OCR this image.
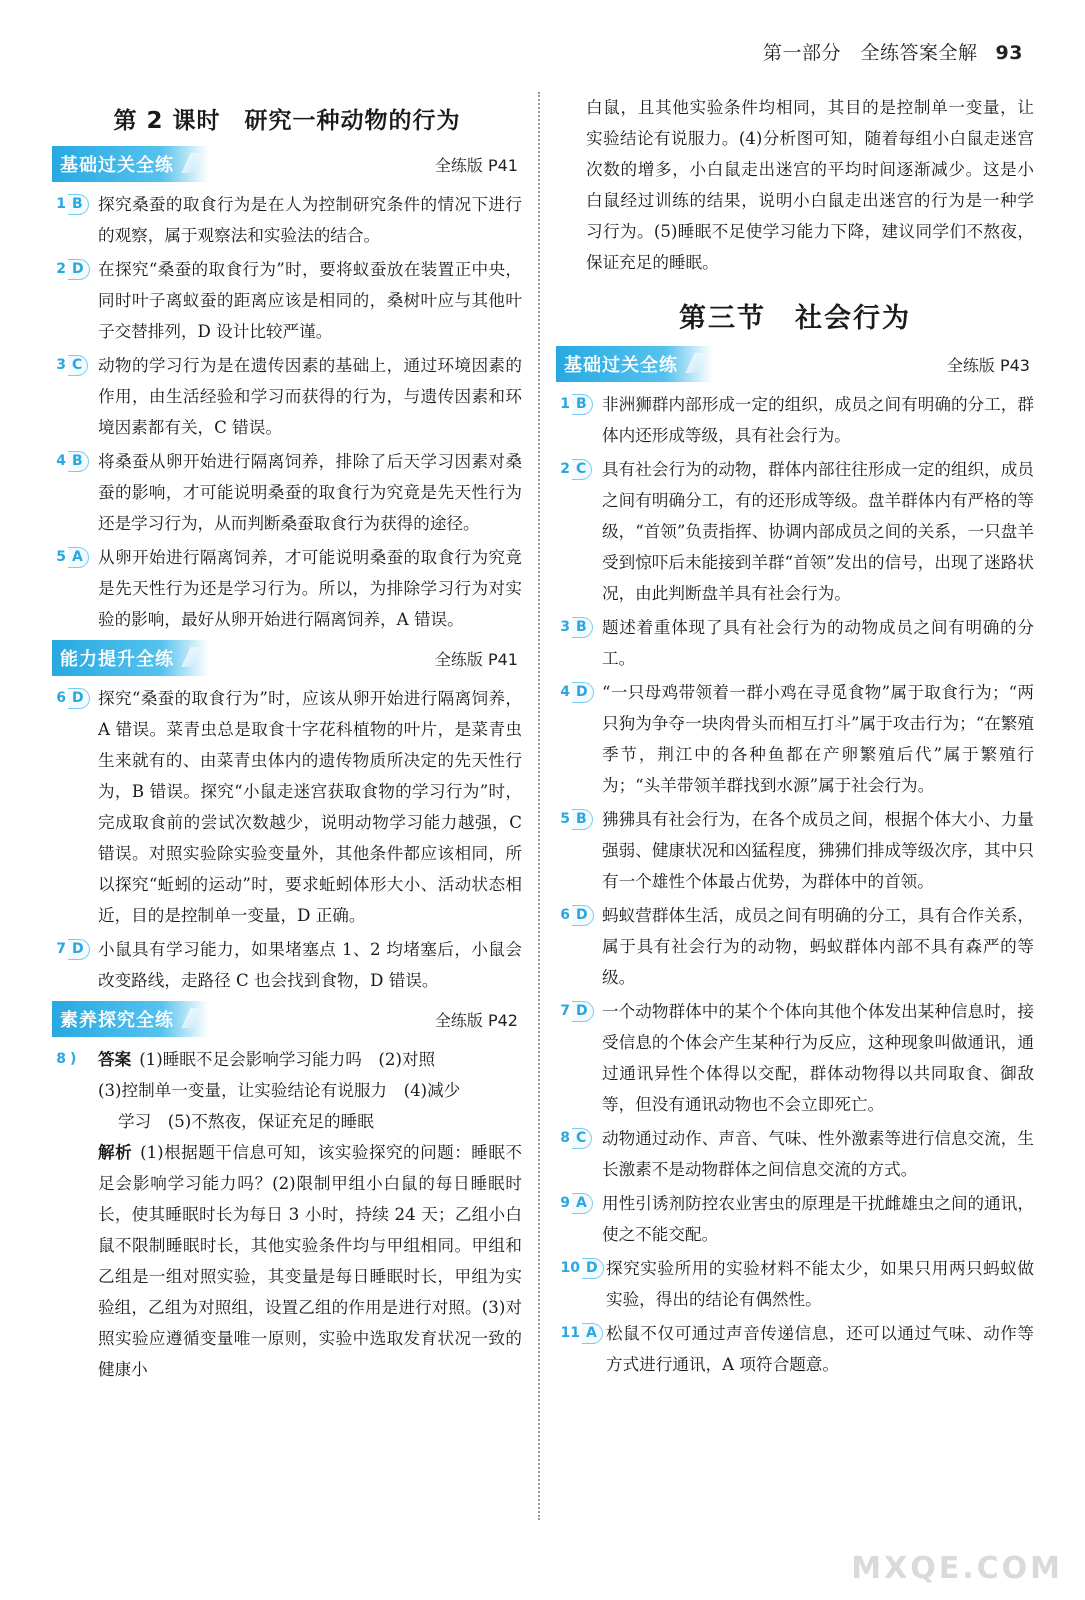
第一部分　全练答案全解 93
第 2 课时　研究一种动物的行为
基础过关全练	全练版 P41
1 B 探究桑蚕的取食行为是在人为控制研究条件的情况下进行的观察，属于观察法和实验法的结合。
2 D 在探究“桑蚕的取食行为”时，要将蚁蚕放在装置正中央，同时叶子离蚁蚕的距离应该是相同的，桑树叶应与其他叶子交替排列，D 设计比较严谨。
3 C 动物的学习行为是在遗传因素的基础上，通过环境因素的作用，由生活经验和学习而获得的行为，与遗传因素和环境因素都有关，C 错误。
4 B 将桑蚕从卵开始进行隔离饲养，排除了后天学习因素对桑蚕的影响，才可能说明桑蚕的取食行为究竟是先天性行为还是学习行为，从而判断桑蚕取食行为获得的途径。
5 A 从卵开始进行隔离饲养，才可能说明桑蚕的取食行为究竟是先天性行为还是学习行为。所以，为排除学习行为对实验的影响，最好从卵开始进行隔离饲养，A 错误。
能力提升全练	全练版 P41
6 D 探究“桑蚕的取食行为”时，应该从卵开始进行隔离饲养，A 错误。菜青虫总是取食十字花科植物的叶片，是菜青虫生来就有的、由菜青虫体内的遗传物质所决定的先天性行为，B 错误。探究“小鼠走迷宫获取食物的学习行为”时，完成取食前的尝试次数越少，说明动物学习能力越强，C 错误。对照实验除实验变量外，其他条件都应该相同，所以探究“蚯蚓的运动”时，要求蚯蚓体形大小、活动状态相近，目的是控制单一变量，D 正确。
7 D 小鼠具有学习能力，如果堵塞点 1、2 均堵塞后，小鼠会改变路线，走路径 C 也会找到食物，D 错误。
素养探究全练	全练版 P42
8 ) 答案 (1)睡眠不足会影响学习能力吗　(2)对照
(3)控制单一变量，让实验结论有说服力　(4)减少
学习　(5)不熬夜，保证充足的睡眠
解析 (1)根据题干信息可知，该实验探究的问题：睡眠不足会影响学习能力吗？(2)限制甲组小白鼠的每日睡眠时长，使其睡眠时长为每日 3 小时，持续 24 天；乙组小白鼠不限制睡眠时长，其他实验条件均与甲组相同。甲组和乙组是一组对照实验，其变量是每日睡眠时长，甲组为实验组，乙组为对照组，设置乙组的作用是进行对照。(3)对照实验应遵循变量唯一原则，实验中选取发育状况一致的健康小
白鼠，且其他实验条件均相同，其目的是控制单一变量，让实验结论有说服力。(4)分析图可知，随着每组小白鼠走迷宫次数的增多，小白鼠走出迷宫的平均时间逐渐减少。这是小白鼠经过训练的结果，说明小白鼠走出迷宫的行为是一种学习行为。(5)睡眠不足使学习能力下降，建议同学们不熬夜，保证充足的睡眠。
第三节　社会行为
基础过关全练	全练版 P43
1 B 非洲狮群内部形成一定的组织，成员之间有明确的分工，群体内还形成等级，具有社会行为。
2 C 具有社会行为的动物，群体内部往往形成一定的组织，成员之间有明确分工，有的还形成等级。盘羊群体内有严格的等级，“首领”负责指挥、协调内部成员之间的关系，一只盘羊受到惊吓后未能接到羊群“首领”发出的信号，出现了迷路状况，由此判断盘羊具有社会行为。
3 B 题述着重体现了具有社会行为的动物成员之间有明确的分工。
4 D “一只母鸡带领着一群小鸡在寻觅食物”属于取食行为；“两只狗为争夺一块肉骨头而相互打斗”属于攻击行为；“在繁殖季节，荆江中的各种鱼都在产卵繁殖后代”属于繁殖行为；“头羊带领羊群找到水源”属于社会行为。
5 B 狒狒具有社会行为，在各个成员之间，根据个体大小、力量强弱、健康状况和凶猛程度，狒狒们排成等级次序，其中只有一个雄性个体最占优势，为群体中的首领。
6 D 蚂蚁营群体生活，成员之间有明确的分工，具有合作关系，属于具有社会行为的动物，蚂蚁群体内部不具有森严的等级。
7 D 一个动物群体中的某个个体向其他个体发出某种信息时，接受信息的个体会产生某种行为反应，这种现象叫做通讯，通过通讯异性个体得以交配，群体动物得以共同取食、御敌等，但没有通讯动物也不会立即死亡。
8 C 动物通过动作、声音、气味、性外激素等进行信息交流，生长激素不是动物群体之间信息交流的方式。
9 A 用性引诱剂防控农业害虫的原理是干扰雌雄虫之间的通讯，使之不能交配。
10 D 探究实验所用的实验材料不能太少，如果只用两只蚂蚁做实验，得出的结论有偶然性。
11 A 松鼠不仅可通过声音传递信息，还可以通过气味、动作等方式进行通讯，A 项符合题意。
MXQE.COM
